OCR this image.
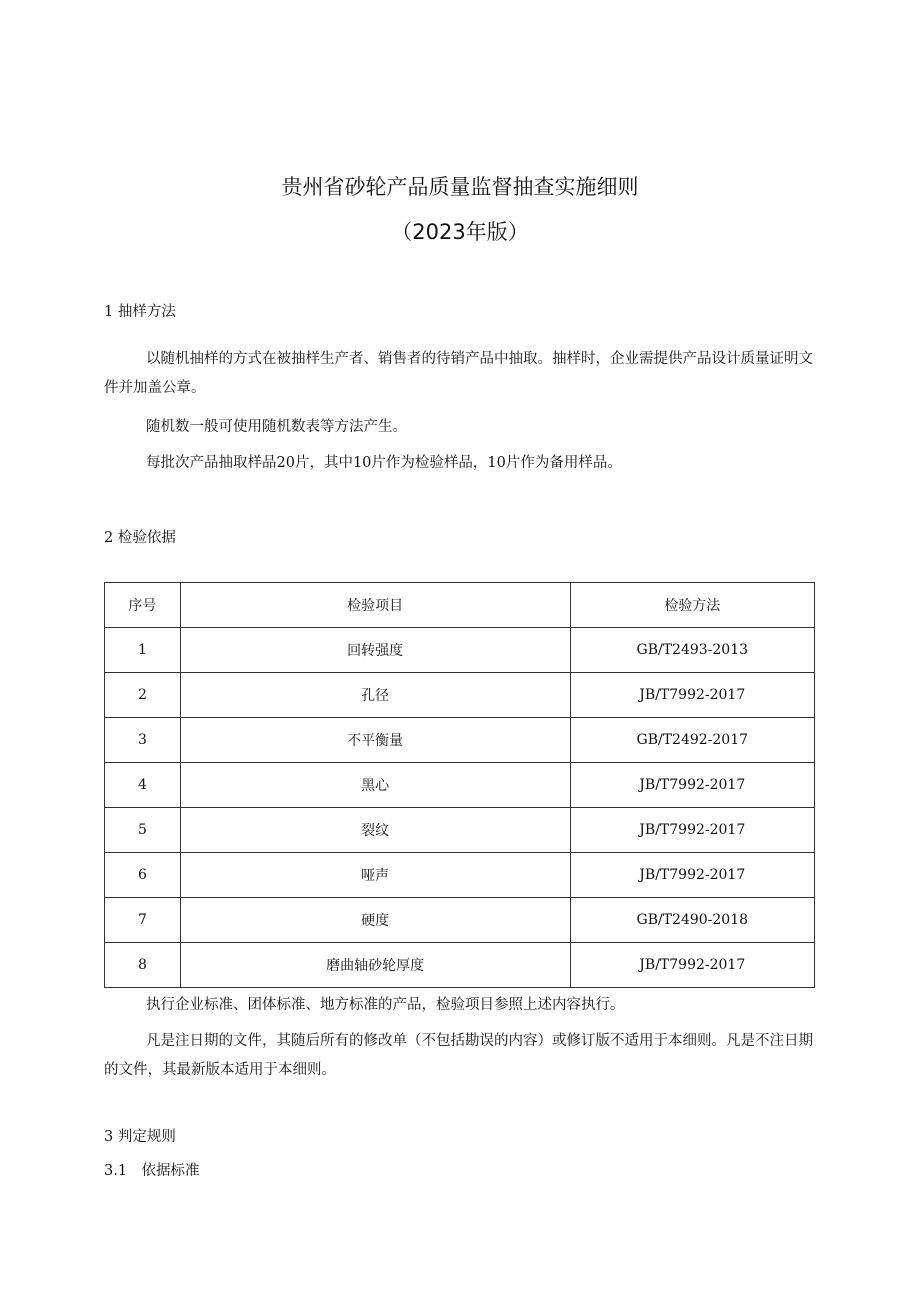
贵州省砂轮产品质量监督抽查实施细则
（2023年版）
1 抽样方法
以随机抽样的方式在被抽样生产者、销售者的待销产品中抽取。抽样时，企业需提供产品设计质量证明文件并加盖公章。
随机数一般可使用随机数表等方法产生。
每批次产品抽取样品20片，其中10片作为检验样品，10片作为备用样品。
2 检验依据
序号	检验项目	检验方法
1	回转强度	GB/T2493-2013
2	孔径	JB/T7992-2017
3	不平衡量	GB/T2492-2017
4	黑心	JB/T7992-2017
5	裂纹	JB/T7992-2017
6	哑声	JB/T7992-2017
7	硬度	GB/T2490-2018
8	磨曲轴砂轮厚度	JB/T7992-2017
执行企业标准、团体标准、地方标准的产品，检验项目参照上述内容执行。
凡是注日期的文件，其随后所有的修改单（不包括勘误的内容）或修订版不适用于本细则。凡是不注日期的文件，其最新版本适用于本细则。
3 判定规则
3.1　依据标准
